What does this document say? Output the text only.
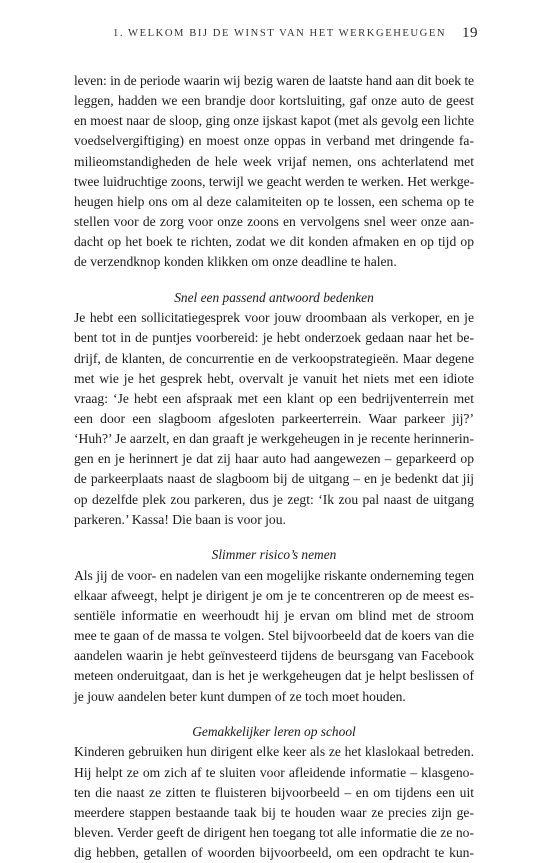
1. WELKOM BIJ DE WINST VAN HET WERKGEHEUGEN 19

leven: in de periode waarin wij bezig waren de laatste hand aan dit boek te
leggen, hadden we een brandje door kortsluiting, gaf onze auto de geest
en moest naar de sloop, ging onze ijskast kapot (met als gevolg een lichte
voedselvergiftiging) en moest onze oppas in verband met dringende fa-
milieomstandigheden de hele week vrijaf nemen, ons achterlatend met
twee luidruchtige zoons, terwijl we geacht werden te werken. Het werkge-
heugen hielp ons om al deze calamiteiten op te lossen, een schema op te
stellen voor de zorg voor onze zoons en vervolgens snel weer onze aan-
dacht op het boek te richten, zodat we dit konden afmaken en op tijd op
de verzendknop konden klikken om onze deadline te halen.

Snel een passend antwoord bedenken

Je hebt een sollicitatiegesprek voor jouw droombaan als verkoper, en je
bent tot in de puntjes voorbereid: je hebt onderzoek gedaan naar het be-
drijf, de klanten, de concurrentie en de verkoopstrategieën. Maar degene
met wie je het gesprek hebt, overvalt je vanuit het niets met een idiote
vraag: ‘Je hebt een afspraak met een klant op een bedrijventerrein met
een door een slagboom afgesloten parkeerterrein. Waar parkeer jij?’
‘Huh?’ Je aarzelt, en dan graaft je werkgeheugen in je recente herinnerin-
gen en je herinnert je dat zij haar auto had aangewezen – geparkeerd op
de parkeerplaats naast de slagboom bij de uitgang – en je bedenkt dat jij
op dezelfde plek zou parkeren, dus je zegt: ‘Ik zou pal naast de uitgang
parkeren.’ Kassa! Die baan is voor jou.

Slimmer risico’s nemen

Als jij de voor- en nadelen van een mogelijke riskante onderneming tegen
elkaar afweegt, helpt je dirigent je om je te concentreren op de meest es-
sentiële informatie en weerhoudt hij je ervan om blind met de stroom
mee te gaan of de massa te volgen. Stel bijvoorbeeld dat de koers van die
aandelen waarin je hebt geïnvesteerd tijdens de beursgang van Facebook
meteen onderuitgaat, dan is het je werkgeheugen dat je helpt beslissen of
je jouw aandelen beter kunt dumpen of ze toch moet houden.

Gemakkelijker leren op school

Kinderen gebruiken hun dirigent elke keer als ze het klaslokaal betreden.
Hij helpt ze om zich af te sluiten voor afleidende informatie – klasgeno-
ten die naast ze zitten te fluisteren bijvoorbeeld – en om tijdens een uit
meerdere stappen bestaande taak bij te houden waar ze precies zijn ge-
bleven. Verder geeft de dirigent hen toegang tot alle informatie die ze no-
dig hebben, getallen of woorden bijvoorbeeld, om een opdracht te kun-
